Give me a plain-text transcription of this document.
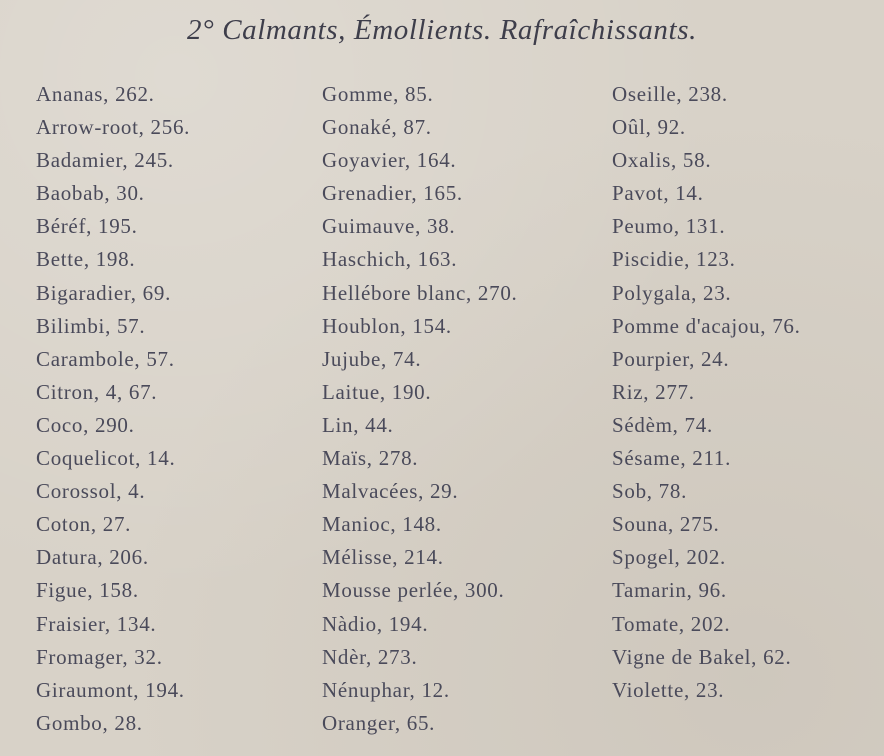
2° Calmants, Émollients. Rafraîchissants.
Ananas, 262.
Arrow-root, 256.
Badamier, 245.
Baobab, 30.
Béréf, 195.
Bette, 198.
Bigaradier, 69.
Bilimbi, 57.
Carambole, 57.
Citron, 4, 67.
Coco, 290.
Coquelicot, 14.
Corossol, 4.
Coton, 27.
Datura, 206.
Figue, 158.
Fraisier, 134.
Fromager, 32.
Giraumont, 194.
Gombo, 28.
Gomme, 85.
Gonaké, 87.
Goyavier, 164.
Grenadier, 165.
Guimauve, 38.
Haschich, 163.
Hellébore blanc, 270.
Houblon, 154.
Jujube, 74.
Laitue, 190.
Lin, 44.
Maïs, 278.
Malvacées, 29.
Manioc, 148.
Mélisse, 214.
Mousse perlée, 300.
Nàdio, 194.
Ndèr, 273.
Nénuphar, 12.
Oranger, 65.
Oseille, 238.
Oûl, 92.
Oxalis, 58.
Pavot, 14.
Peumo, 131.
Piscidie, 123.
Polygala, 23.
Pomme d'acajou, 76.
Pourpier, 24.
Riz, 277.
Sédèm, 74.
Sésame, 211.
Sob, 78.
Souna, 275.
Spogel, 202.
Tamarin, 96.
Tomate, 202.
Vigne de Bakel, 62.
Violette, 23.
